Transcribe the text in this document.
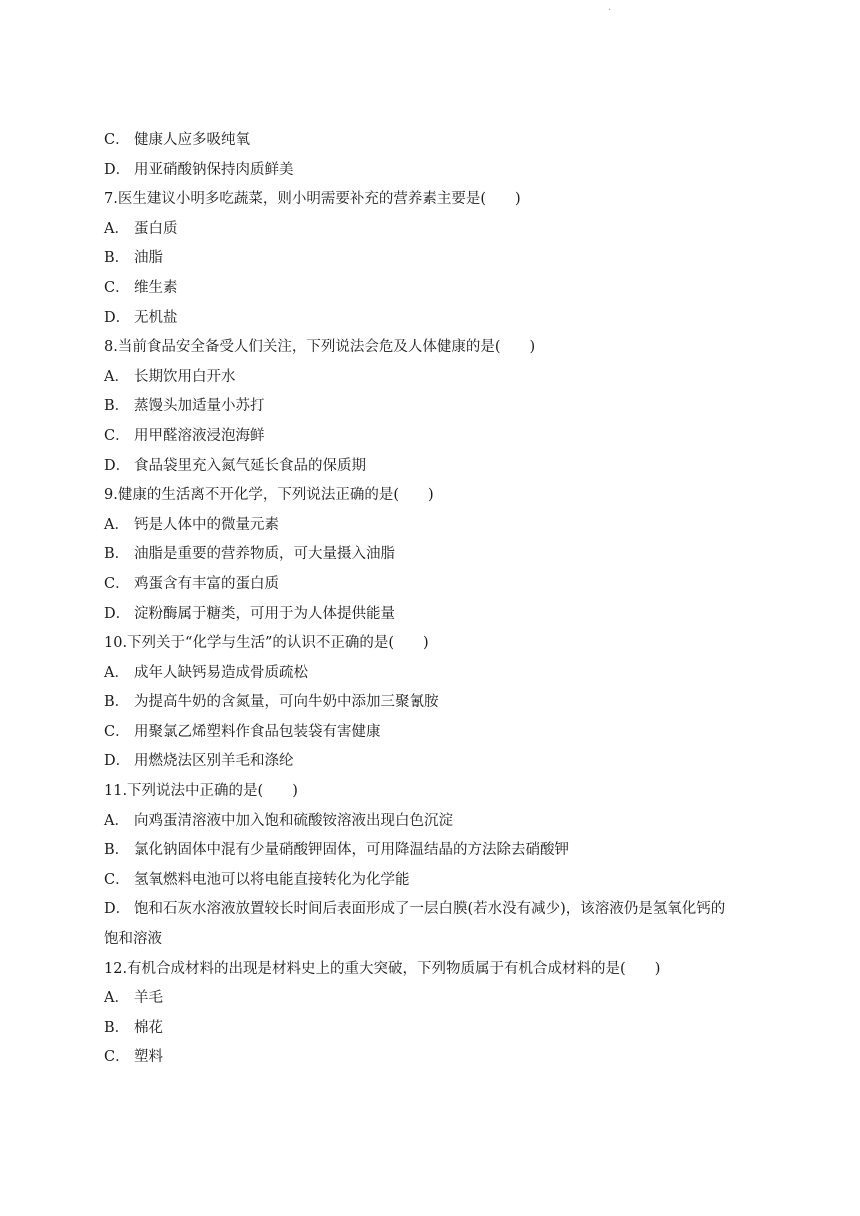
.
C． 健康人应多吸纯氧
D． 用亚硝酸钠保持肉质鲜美
7.医生建议小明多吃蔬菜，则小明需要补充的营养素主要是(　　)
A． 蛋白质
B． 油脂
C． 维生素
D． 无机盐
8.当前食品安全备受人们关注，下列说法会危及人体健康的是(　　)
A． 长期饮用白开水
B． 蒸馒头加适量小苏打
C． 用甲醛溶液浸泡海鲜
D． 食品袋里充入氮气延长食品的保质期
9.健康的生活离不开化学，下列说法正确的是(　　)
A． 钙是人体中的微量元素
B． 油脂是重要的营养物质，可大量摄入油脂
C． 鸡蛋含有丰富的蛋白质
D． 淀粉酶属于糖类，可用于为人体提供能量
10.下列关于“化学与生活”的认识不正确的是(　　)
A． 成年人缺钙易造成骨质疏松
B． 为提高牛奶的含氮量，可向牛奶中添加三聚氰胺
C． 用聚氯乙烯塑料作食品包装袋有害健康
D． 用燃烧法区别羊毛和涤纶
11.下列说法中正确的是(　　)
A． 向鸡蛋清溶液中加入饱和硫酸铵溶液出现白色沉淀
B． 氯化钠固体中混有少量硝酸钾固体，可用降温结晶的方法除去硝酸钾
C． 氢氧燃料电池可以将电能直接转化为化学能
D． 饱和石灰水溶液放置较长时间后表面形成了一层白膜(若水没有减少)，该溶液仍是氢氧化钙的
饱和溶液
12.有机合成材料的出现是材料史上的重大突破，下列物质属于有机合成材料的是(　　)
A． 羊毛
B． 棉花
C． 塑料
